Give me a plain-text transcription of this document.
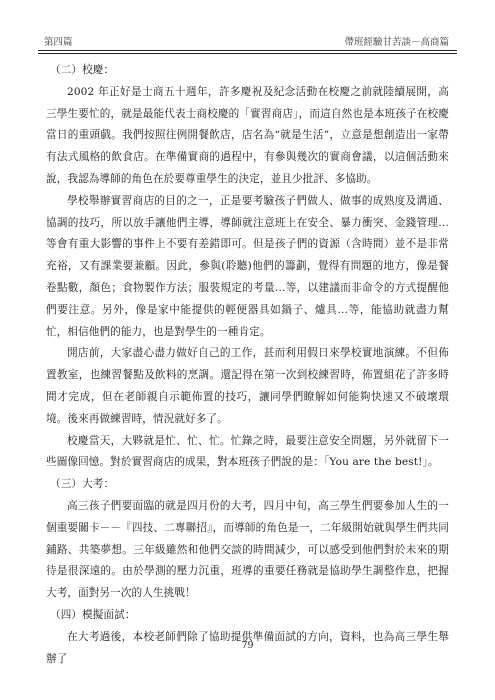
第四篇	帶班經驗甘苦談－高商篇

（二）校慶：

2002 年正好是士商五十週年，許多慶祝及紀念活動在校慶之前就陸續展開，高三學生要忙的，就是最能代表士商校慶的「實習商店」，而這自然也是本班孩子在校慶當日的重頭戲。我們按照往例開餐飲店，店名為“就是生活”，立意是想創造出一家帶有法式風格的飲食店。在準備實商的過程中，有參與幾次的實商會議，以這個活動來說，我認為導師的角色在於要尊重學生的決定，並且少批評、多協助。

學校舉辦實習商店的目的之一，正是要考驗孩子們做人、做事的成熟度及溝通、協調的技巧，所以放手讓他們主導，導師就注意班上在安全、暴力衝突、金錢管理…等會有重大影響的事件上不要有差錯即可。但是孩子們的資源（含時間）並不是非常充裕，又有課業要兼顧。因此，參與(聆聽)他們的籌劃，覺得有問題的地方，像是餐卷點數，顏色；食物製作方法；服裝規定的考量…等，以建議而非命令的方式提醒他們要注意。另外，像是家中能提供的輕便器具如鍋子、爐具…等，能協助就盡力幫忙，相信他們的能力，也是對學生的一種肯定。

開店前，大家盡心盡力做好自己的工作，甚而利用假日來學校實地演練。不但佈置教室，也練習餐點及飲料的烹調。還記得在第一次到校練習時，佈置組花了許多時間才完成，但在老師親自示範佈置的技巧，讓同學們瞭解如何能夠快速又不破壞環境。後來再做練習時，情況就好多了。

校慶當天，大夥就是忙、忙、忙。忙錄之時，最要注意安全問題，另外就留下一些圖像回憶。對於實習商店的成果，對本班孩子們說的是：「You are the best!」。

（三）大考：

高三孩子們要面臨的就是四月份的大考，四月中旬，高三學生們要參加人生的一個重要關卡－－『四技、二專聯招』，而導師的角色是一，二年級開始就與學生們共同鋪路、共築夢想。三年級雖然和他們交談的時間減少，可以感受到他們對於未來的期待是很深遠的。由於學測的壓力沉重，班導的重要任務就是協助學生調整作息，把握大考，面對另一次的人生挑戰！

（四）模擬面試：

在大考過後，本校老師們除了協助提供準備面試的方向，資料，也為高三學生舉辦了

79
